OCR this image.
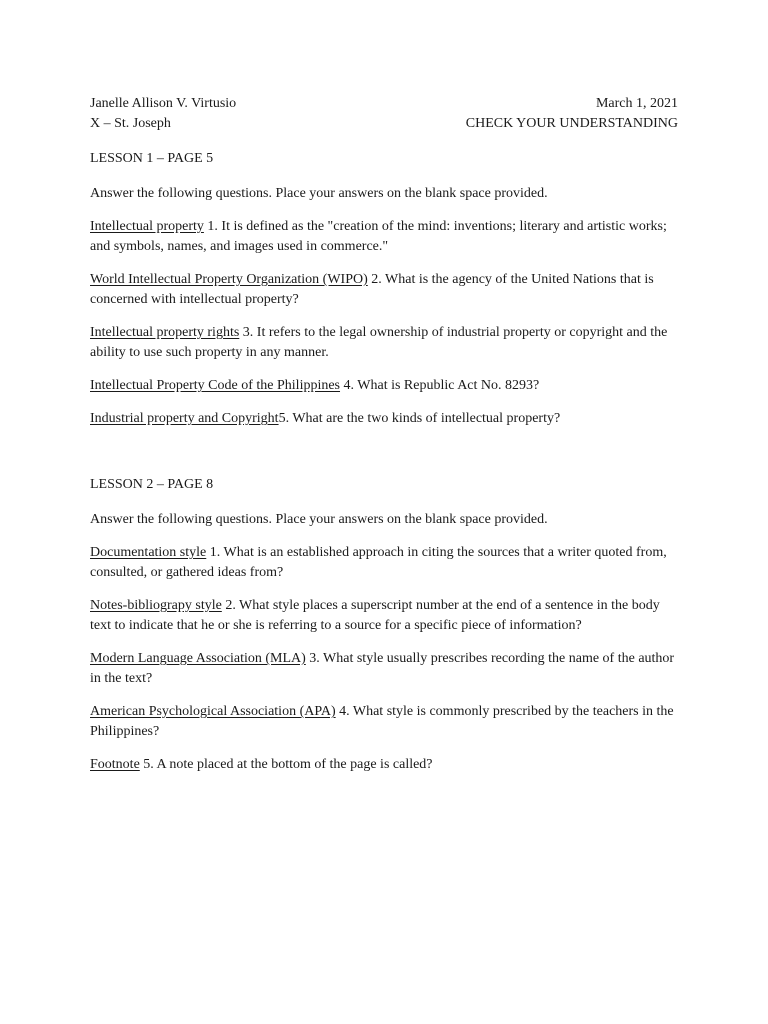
Janelle Allison V. Virtusio	March 1, 2021
X – St. Joseph	CHECK YOUR UNDERSTANDING
LESSON 1 – PAGE 5
Answer the following questions. Place your answers on the blank space provided.
Intellectual property 1. It is defined as the "creation of the mind: inventions; literary and artistic works; and symbols, names, and images used in commerce."
World Intellectual Property Organization (WIPO) 2. What is the agency of the United Nations that is concerned with intellectual property?
Intellectual property rights 3. It refers to the legal ownership of industrial property or copyright and the ability to use such property in any manner.
Intellectual Property Code of the Philippines 4. What is Republic Act No. 8293?
Industrial property and Copyright5. What are the two kinds of intellectual property?
LESSON 2 – PAGE 8
Answer the following questions. Place your answers on the blank space provided.
Documentation style 1. What is an established approach in citing the sources that a writer quoted from, consulted, or gathered ideas from?
Notes-bibliograpy style 2. What style places a superscript number at the end of a sentence in the body text to indicate that he or she is referring to a source for a specific piece of information?
Modern Language Association (MLA) 3. What style usually prescribes recording the name of the author in the text?
American Psychological Association (APA) 4. What style is commonly prescribed by the teachers in the Philippines?
Footnote 5. A note placed at the bottom of the page is called?
